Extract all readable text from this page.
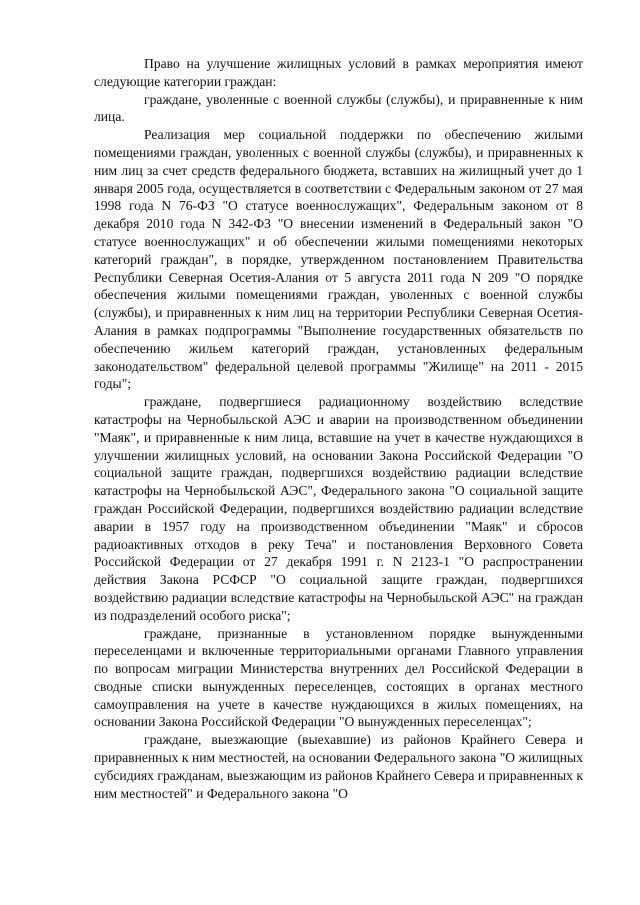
Право на улучшение жилищных условий в рамках мероприятия имеют следующие категории граждан:

граждане, уволенные с военной службы (службы), и приравненные к ним лица.

Реализация мер социальной поддержки по обеспечению жилыми помещениями граждан, уволенных с военной службы (службы), и приравненных к ним лиц за счет средств федерального бюджета, вставших на жилищный учет до 1 января 2005 года, осуществляется в соответствии с Федеральным законом от 27 мая 1998 года N 76-ФЗ "О статусе военнослужащих", Федеральным законом от 8 декабря 2010 года N 342-ФЗ "О внесении изменений в Федеральный закон "О статусе военнослужащих" и об обеспечении жилыми помещениями некоторых категорий граждан", в порядке, утвержденном постановлением Правительства Республики Северная Осетия-Алания от 5 августа 2011 года N 209 "О порядке обеспечения жилыми помещениями граждан, уволенных с военной службы (службы), и приравненных к ним лиц на территории Республики Северная Осетия-Алания в рамках подпрограммы "Выполнение государственных обязательств по обеспечению жильем категорий граждан, установленных федеральным законодательством" федеральной целевой программы "Жилище" на 2011 - 2015 годы";

граждане, подвергшиеся радиационному воздействию вследствие катастрофы на Чернобыльской АЭС и аварии на производственном объединении "Маяк", и приравненные к ним лица, вставшие на учет в качестве нуждающихся в улучшении жилищных условий, на основании Закона Российской Федерации "О социальной защите граждан, подвергшихся воздействию радиации вследствие катастрофы на Чернобыльской АЭС", Федерального закона "О социальной защите граждан Российской Федерации, подвергшихся воздействию радиации вследствие аварии в 1957 году на производственном объединении "Маяк" и сбросов радиоактивных отходов в реку Теча" и постановления Верховного Совета Российской Федерации от 27 декабря 1991 г. N 2123-1 "О распространении действия Закона РСФСР "О социальной защите граждан, подвергшихся воздействию радиации вследствие катастрофы на Чернобыльской АЭС" на граждан из подразделений особого риска";

граждане, признанные в установленном порядке вынужденными переселенцами и включенные территориальными органами Главного управления по вопросам миграции Министерства внутренних дел Российской Федерации в сводные списки вынужденных переселенцев, состоящих в органах местного самоуправления на учете в качестве нуждающихся в жилых помещениях, на основании Закона Российской Федерации "О вынужденных переселенцах";

граждане, выезжающие (выехавшие) из районов Крайнего Севера и приравненных к ним местностей, на основании Федерального закона "О жилищных субсидиях гражданам, выезжающим из районов Крайнего Севера и приравненных к ним местностей" и Федерального закона "О
